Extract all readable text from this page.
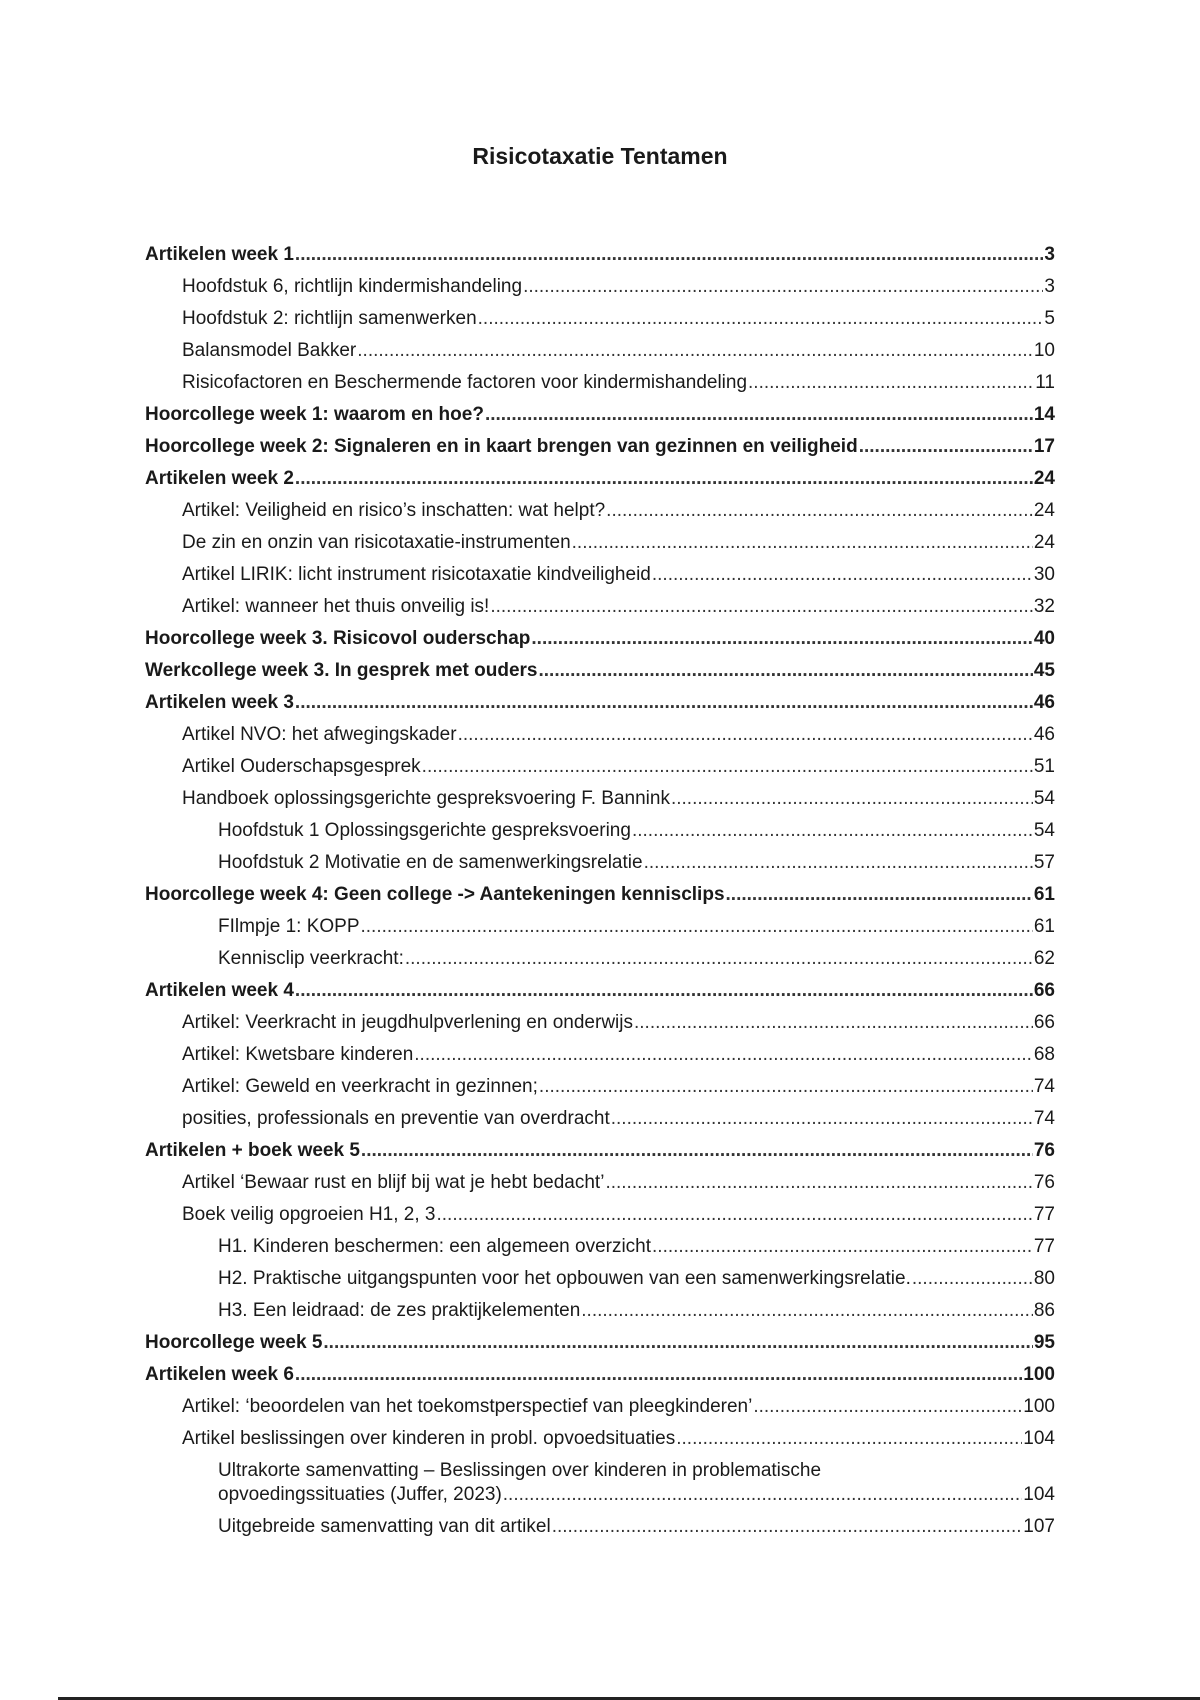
Risicotaxatie Tentamen
Artikelen week 1 .....	3
Hoofdstuk 6, richtlijn kindermishandeling .....	3
Hoofdstuk 2: richtlijn samenwerken .....	5
Balansmodel Bakker .....	10
Risicofactoren en Beschermende factoren voor kindermishandeling .....	11
Hoorcollege week 1: waarom en hoe? .....	14
Hoorcollege week 2: Signaleren en in kaart brengen van gezinnen en veiligheid .....	17
Artikelen week 2 .....	24
Artikel: Veiligheid en risico’s inschatten: wat helpt? .....	24
De zin en onzin van risicotaxatie-instrumenten .....	24
Artikel LIRIK: licht instrument risicotaxatie kindveiligheid .....	30
Artikel: wanneer het thuis onveilig is! .....	32
Hoorcollege week 3. Risicovol ouderschap .....	40
Werkcollege week 3. In gesprek met ouders .....	45
Artikelen week 3 .....	46
Artikel NVO: het afwegingskader .....	46
Artikel Ouderschapsgesprek .....	51
Handboek oplossingsgerichte gespreksvoering F. Bannink .....	54
Hoofdstuk 1 Oplossingsgerichte gespreksvoering .....	54
Hoofdstuk 2 Motivatie en de samenwerkingsrelatie .....	57
Hoorcollege week 4: Geen college -> Aantekeningen kennisclips .....	61
FIlmpje 1: KOPP .....	61
Kennisclip veerkracht: .....	62
Artikelen week 4 .....	66
Artikel: Veerkracht in jeugdhulpverlening en onderwijs .....	66
Artikel: Kwetsbare kinderen .....	68
Artikel: Geweld en veerkracht in gezinnen; .....	74
posities, professionals en preventie van overdracht .....	74
Artikelen + boek week 5 .....	76
Artikel ‘Bewaar rust en blijf bij wat je hebt bedacht’ .....	76
Boek veilig opgroeien H1, 2, 3 .....	77
H1. Kinderen beschermen: een algemeen overzicht .....	77
H2. Praktische uitgangspunten voor het opbouwen van een samenwerkingsrelatie. .....	80
H3. Een leidraad: de zes praktijkelementen .....	86
Hoorcollege week 5 .....	95
Artikelen week 6 .....	100
Artikel: ‘beoordelen van het toekomstperspectief van pleegkinderen’ .....	100
Artikel beslissingen over kinderen in probl. opvoedsituaties .....	104
Ultrakorte samenvatting – Beslissingen over kinderen in problematische
opvoedingssituaties (Juffer, 2023) .....	104
Uitgebreide samenvatting van dit artikel .....	107
